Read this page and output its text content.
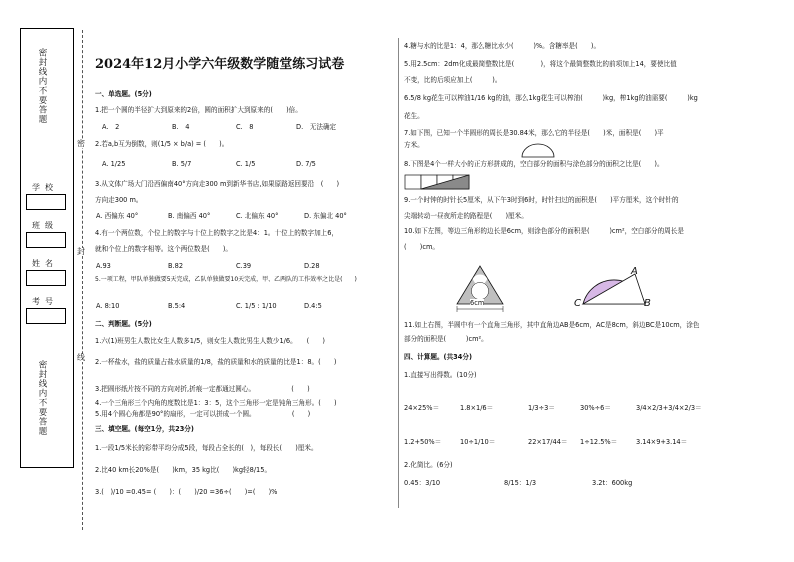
密封线内不要答题
密封线内不要答题
学校
班级
姓名
考号
密
封
线
2024年12月小学六年级数学随堂练习试卷
一、单选题。(5分)
1.把一个圆的半径扩大到原来的2倍，圆的面积扩大到原来的(　　)倍。
A.　2	B.　4	C.　8	D.　无法确定
2.若a,b互为倒数，则(1/5 × b/a) = (　　)。
A. 1/25	B. 5/7	C. 1/5	D. 7/5
3.从文体广场大门沿西偏南40°方向走300 m到新华书店,如果原路返回要沿　(　　)
方向走300 m。
A. 西偏东 40°	B. 南偏西 40°	C. 北偏东 40°	D. 东偏北 40°
4.有一个两位数，个位上的数字与十位上的数字之比是4：1。十位上的数字加上6，
就和个位上的数字相等。这个两位数是(　　)。
A.93	B.82	C.39	D.28
5.一项工程，甲队单独做要5天完成，乙队单独做要10天完成，甲、乙两队的工作效率之比是(　　)
A. 8:10	B.5:4	C. 1/5 : 1/10	D.4:5
二、判断题。(5分)
1.六(1)班男生人数比女生人数多1/5，则女生人数比男生人数少1/6。　　(　　)
2.一杯盐水，盐的质量占盐水质量的1/8，盐的质量和水的质量的比是1：8。(　　)
3.把圆形纸片按不同的方向对折,折痕一定都通过圆心。　　　　　　(　　)
4.一个三角形三个内角的度数比是1：3：5，这个三角形一定是钝角三角形。(　　)
5.用4个圆心角都是90°的扇形，一定可以拼成一个圆。　　　　　　(　　)
三、填空题。(每空1分，共23分)
1.一段1/5米长的彩带平均分成5段，每段占全长的(　)，每段长(　　)厘米。
2.比40 km长20%是(　　)km，35 kg比(　　)kg轻8/15。
3.(　)/10 =0.45= (　　)：(　　)/20 =36÷(　　)=(　　)%
4.糖与水的比是1：4，那么糖比水少(　　　)%。含糖率是(　　)。
5.用2.5cm：2dm化成最简整数比是(　　　　)，将这个最简整数比的前项加上14，要使比值
不变，比的后项应加上(　　　)。
6.5/8 kg花生可以榨油1/16 kg的油，那么1kg花生可以榨油(　　　)kg，榨1kg的油需要(　　　)kg
花生。
7.如下图，已知一个半圆形的周长是30.84米，那么它的半径是(　　)米，面积是(　　)平
方米。
8.下图是4个一样大小的正方形拼成的，空白部分的面积与涂色部分的面积之比是(　　)。
9.一个时钟的时针长5厘米，从下午3时到6时，时针扫过的面积是(　　)平方厘米，这个时针的
尖端转动一昼夜所走的路程是(　　)厘米。
10.如下左图，等边三角形的边长是6cm，则涂色部分的面积是(　　　)cm²，空白部分的周长是
(　　)cm。
6cm
A
B
C
11.如上右图，半圆中有一个直角三角形，其中直角边AB是6cm，AC是8cm，斜边BC是10cm，涂色
部分的面积是(　　　)cm²。
四、计算题。(共34分)
1.直接写出得数。(10分)
24×25%＝	1.8×1/6＝	1/3÷3＝	30%÷6＝	3/4×2/3+3/4×2/3＝
1.2+50%＝	10÷1/10＝	22×17/44＝ 1÷12.5%＝	3.14×9+3.14＝
2.化简比。(6分)
0.45：3/10	8/15：1/3	3.2t：600kg
